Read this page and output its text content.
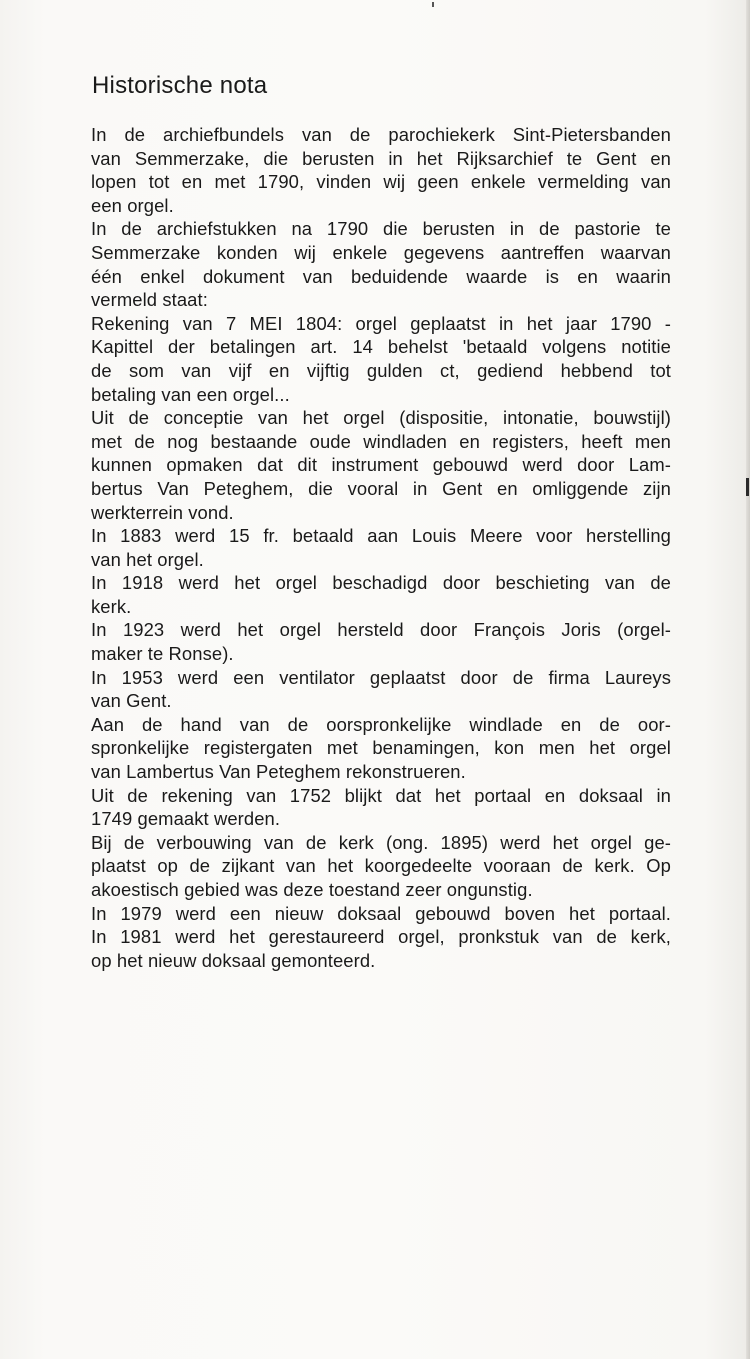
Historische nota
In de archiefbundels van de parochiekerk Sint-Pietersbanden
van Semmerzake, die berusten in het Rijksarchief te Gent en
lopen tot en met 1790, vinden wij geen enkele vermelding van
een orgel.
In de archiefstukken na 1790 die berusten in de pastorie te
Semmerzake konden wij enkele gegevens aantreffen waarvan
één enkel dokument van beduidende waarde is en waarin
vermeld staat:
Rekening van 7 MEI 1804: orgel geplaatst in het jaar 1790 -
Kapittel der betalingen art. 14 behelst 'betaald volgens notitie
de som van vijf en vijftig gulden ct, gediend hebbend tot
betaling van een orgel...
Uit de conceptie van het orgel (dispositie, intonatie, bouwstijl)
met de nog bestaande oude windladen en registers, heeft men
kunnen opmaken dat dit instrument gebouwd werd door Lam-
bertus Van Peteghem, die vooral in Gent en omliggende zijn
werkterrein vond.
In 1883 werd 15 fr. betaald aan Louis Meere voor herstelling
van het orgel.
In 1918 werd het orgel beschadigd door beschieting van de
kerk.
In 1923 werd het orgel hersteld door François Joris (orgel-
maker te Ronse).
In 1953 werd een ventilator geplaatst door de firma Laureys
van Gent.
Aan de hand van de oorspronkelijke windlade en de oor-
spronkelijke registergaten met benamingen, kon men het orgel
van Lambertus Van Peteghem rekonstrueren.
Uit de rekening van 1752 blijkt dat het portaal en doksaal in
1749 gemaakt werden.
Bij de verbouwing van de kerk (ong. 1895) werd het orgel ge-
plaatst op de zijkant van het koorgedeelte vooraan de kerk. Op
akoestisch gebied was deze toestand zeer ongunstig.
In 1979 werd een nieuw doksaal gebouwd boven het portaal.
In 1981 werd het gerestaureerd orgel, pronkstuk van de kerk,
op het nieuw doksaal gemonteerd.
